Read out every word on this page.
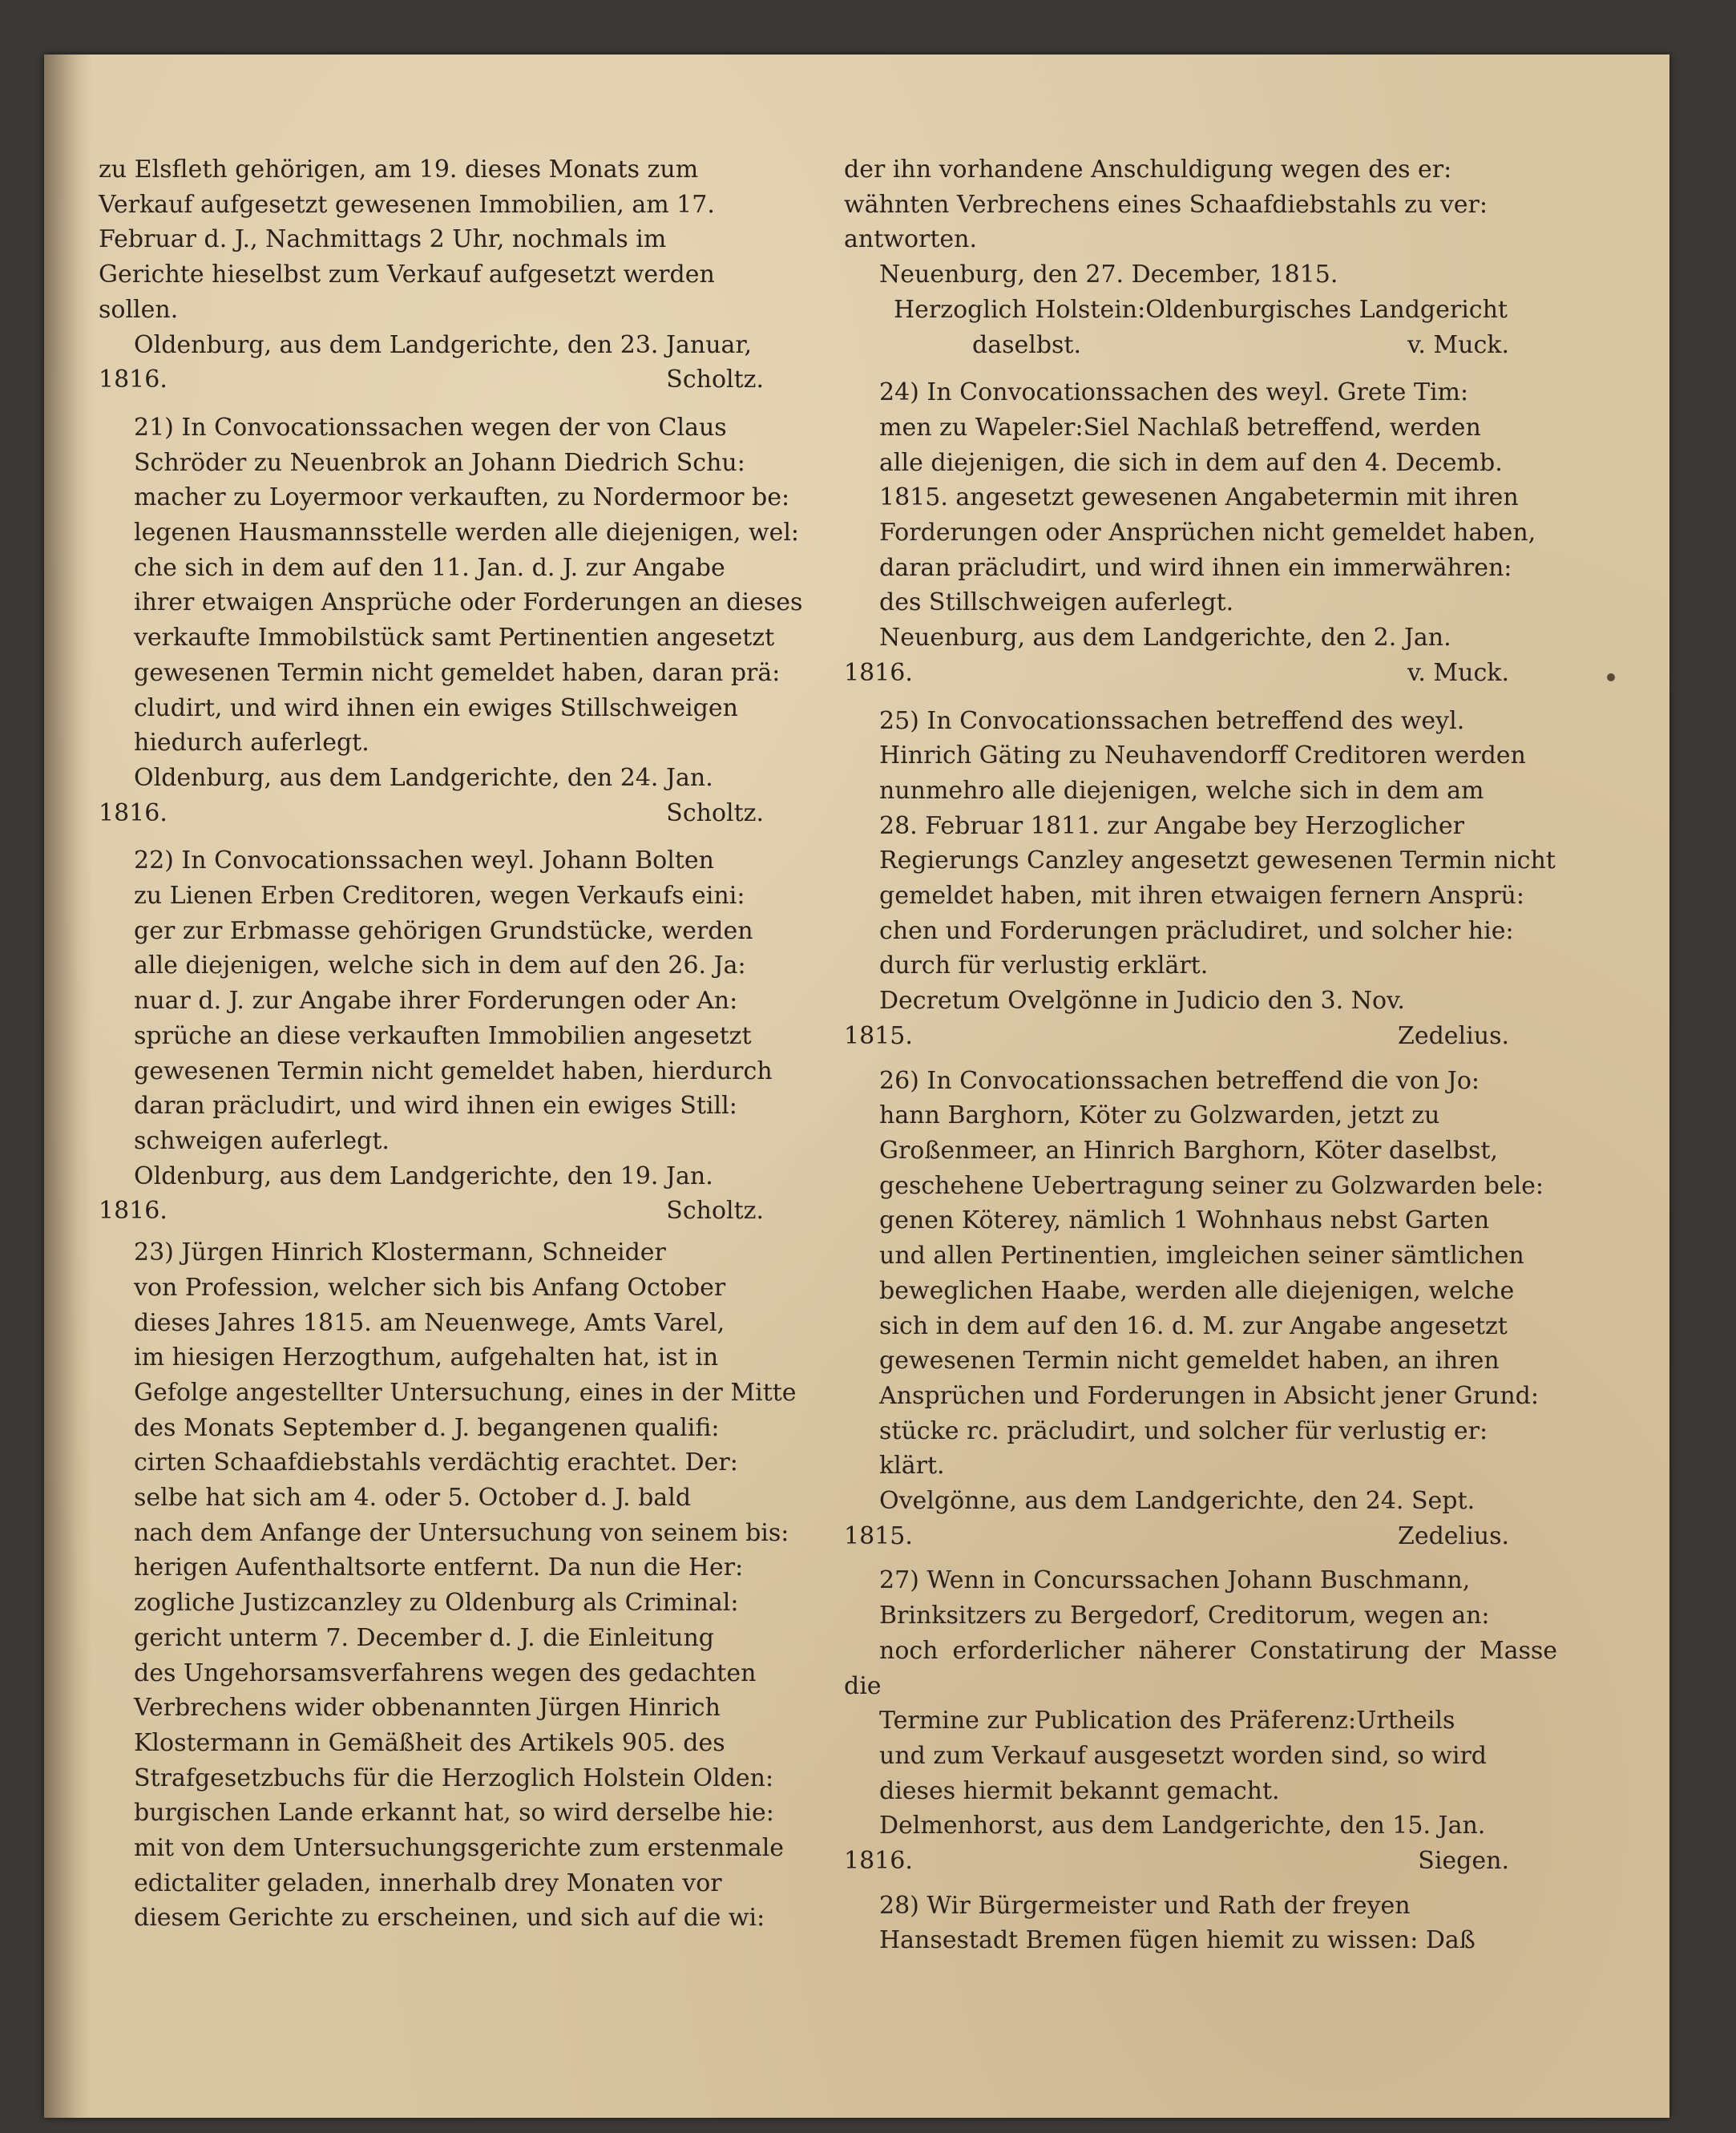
zu Elsfleth gehörigen, am 19. dieses Monats zum
Verkauf aufgesetzt gewesenen Immobilien, am 17.
Februar d. J., Nachmittags 2 Uhr, nochmals im
Gerichte hieselbst zum Verkauf aufgesetzt werden
sollen.
Oldenburg, aus dem Landgerichte, den 23. Januar,
1816.	Scholtz.
21) In Convocationssachen wegen der von Claus
Schröder zu Neuenbrok an Johann Diedrich Schu:
macher zu Loyermoor verkauften, zu Nordermoor be:
legenen Hausmannsstelle werden alle diejenigen, wel:
che sich in dem auf den 11. Jan. d. J. zur Angabe
ihrer etwaigen Ansprüche oder Forderungen an dieses
verkaufte Immobilstück samt Pertinentien angesetzt
gewesenen Termin nicht gemeldet haben, daran prä:
cludirt, und wird ihnen ein ewiges Stillschweigen
hiedurch auferlegt.
Oldenburg, aus dem Landgerichte, den 24. Jan.
1816.	Scholtz.
22) In Convocationssachen weyl. Johann Bolten
zu Lienen Erben Creditoren, wegen Verkaufs eini:
ger zur Erbmasse gehörigen Grundstücke, werden
alle diejenigen, welche sich in dem auf den 26. Ja:
nuar d. J. zur Angabe ihrer Forderungen oder An:
sprüche an diese verkauften Immobilien angesetzt
gewesenen Termin nicht gemeldet haben, hierdurch
daran präcludirt, und wird ihnen ein ewiges Still:
schweigen auferlegt.
Oldenburg, aus dem Landgerichte, den 19. Jan.
1816.	Scholtz.
23) Jürgen Hinrich Klostermann, Schneider
von Profession, welcher sich bis Anfang October
dieses Jahres 1815. am Neuenwege, Amts Varel,
im hiesigen Herzogthum, aufgehalten hat, ist in
Gefolge angestellter Untersuchung, eines in der Mitte
des Monats September d. J. begangenen qualifi:
cirten Schaafdiebstahls verdächtig erachtet. Der:
selbe hat sich am 4. oder 5. October d. J. bald
nach dem Anfange der Untersuchung von seinem bis:
herigen Aufenthaltsorte entfernt. Da nun die Her:
zogliche Justizcanzley zu Oldenburg als Criminal:
gericht unterm 7. December d. J. die Einleitung
des Ungehorsamsverfahrens wegen des gedachten
Verbrechens wider obbenannten Jürgen Hinrich
Klostermann in Gemäßheit des Artikels 905. des
Strafgesetzbuchs für die Herzoglich Holstein Olden:
burgischen Lande erkannt hat, so wird derselbe hie:
mit von dem Untersuchungsgerichte zum erstenmale
edictaliter geladen, innerhalb drey Monaten vor
diesem Gerichte zu erscheinen, und sich auf die wi:
der ihn vorhandene Anschuldigung wegen des er:
wähnten Verbrechens eines Schaafdiebstahls zu ver:
antworten.
Neuenburg, den 27. December, 1815.
Herzoglich Holstein:Oldenburgisches Landgericht
daselbst.	v. Muck.
24) In Convocationssachen des weyl. Grete Tim:
men zu Wapeler:Siel Nachlaß betreffend, werden
alle diejenigen, die sich in dem auf den 4. Decemb.
1815. angesetzt gewesenen Angabetermin mit ihren
Forderungen oder Ansprüchen nicht gemeldet haben,
daran präcludirt, und wird ihnen ein immerwähren:
des Stillschweigen auferlegt.
Neuenburg, aus dem Landgerichte, den 2. Jan.
1816.	v. Muck.
25) In Convocationssachen betreffend des weyl.
Hinrich Gäting zu Neuhavendorff Creditoren werden
nunmehro alle diejenigen, welche sich in dem am
28. Februar 1811. zur Angabe bey Herzoglicher
Regierungs Canzley angesetzt gewesenen Termin nicht
gemeldet haben, mit ihren etwaigen fernern Ansprü:
chen und Forderungen präcludiret, und solcher hie:
durch für verlustig erklärt.
Decretum Ovelgönne in Judicio den 3. Nov.
1815.	Zedelius.
26) In Convocationssachen betreffend die von Jo:
hann Barghorn, Köter zu Golzwarden, jetzt zu
Großenmeer, an Hinrich Barghorn, Köter daselbst,
geschehene Uebertragung seiner zu Golzwarden bele:
genen Köterey, nämlich 1 Wohnhaus nebst Garten
und allen Pertinentien, imgleichen seiner sämtlichen
beweglichen Haabe, werden alle diejenigen, welche
sich in dem auf den 16. d. M. zur Angabe angesetzt
gewesenen Termin nicht gemeldet haben, an ihren
Ansprüchen und Forderungen in Absicht jener Grund:
stücke rc. präcludirt, und solcher für verlustig er:
klärt.
Ovelgönne, aus dem Landgerichte, den 24. Sept.
1815.	Zedelius.
27) Wenn in Concurssachen Johann Buschmann,
Brinksitzers zu Bergedorf, Creditorum, wegen an:
noch erforderlicher näherer Constatirung der Masse die
Termine zur Publication des Präferenz:Urtheils
und zum Verkauf ausgesetzt worden sind, so wird
dieses hiermit bekannt gemacht.
Delmenhorst, aus dem Landgerichte, den 15. Jan.
1816.	Siegen.
28) Wir Bürgermeister und Rath der freyen
Hansestadt Bremen fügen hiemit zu wissen: Daß
